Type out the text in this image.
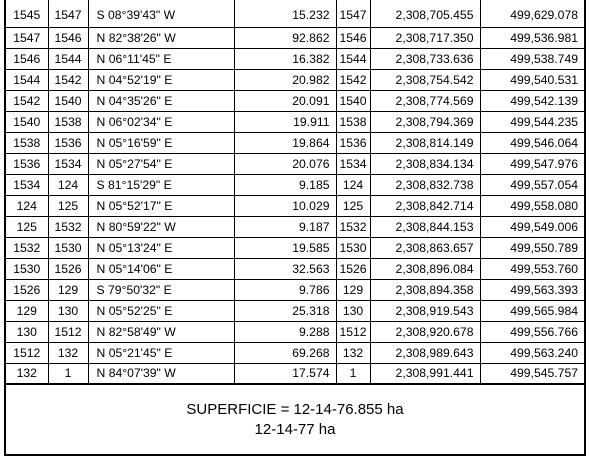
1545	1547	S 08°39'43" W	15.232	1547	2,308,705.455	499,629.078
1547	1546	N 82°38'26" W	92.862	1546	2,308,717.350	499,536.981
1546	1544	N 06°11'45" E	16.382	1544	2,308,733.636	499,538.749
1544	1542	N 04°52'19" E	20.982	1542	2,308,754.542	499,540.531
1542	1540	N 04°35'26" E	20.091	1540	2,308,774.569	499,542.139
1540	1538	N 06°02'34" E	19.911	1538	2,308,794.369	499,544.235
1538	1536	N 05°16'59" E	19.864	1536	2,308,814.149	499,546.064
1536	1534	N 05°27'54" E	20.076	1534	2,308,834.134	499,547.976
1534	124	S 81°15'29" E	9.185	124	2,308,832.738	499,557.054
124	125	N 05°52'17" E	10.029	125	2,308,842.714	499,558.080
125	1532	N 80°59'22" W	9.187	1532	2,308,844.153	499,549.006
1532	1530	N 05°13'24" E	19.585	1530	2,308,863.657	499,550.789
1530	1526	N 05°14'06" E	32.563	1526	2,308,896.084	499,553.760
1526	129	S 79°50'32" E	9.786	129	2,308,894.358	499,563.393
129	130	N 05°52'25" E	25.318	130	2,308,919.543	499,565.984
130	1512	N 82°58'49" W	9.288	1512	2,308,920.678	499,556.766
1512	132	N 05°21'45" E	69.268	132	2,308,989.643	499,563.240
132	1	N 84°07'39" W	17.574	1	2,308,991.441	499,545.757
SUPERFICIE = 12-14-76.855 ha
12-14-77 ha
